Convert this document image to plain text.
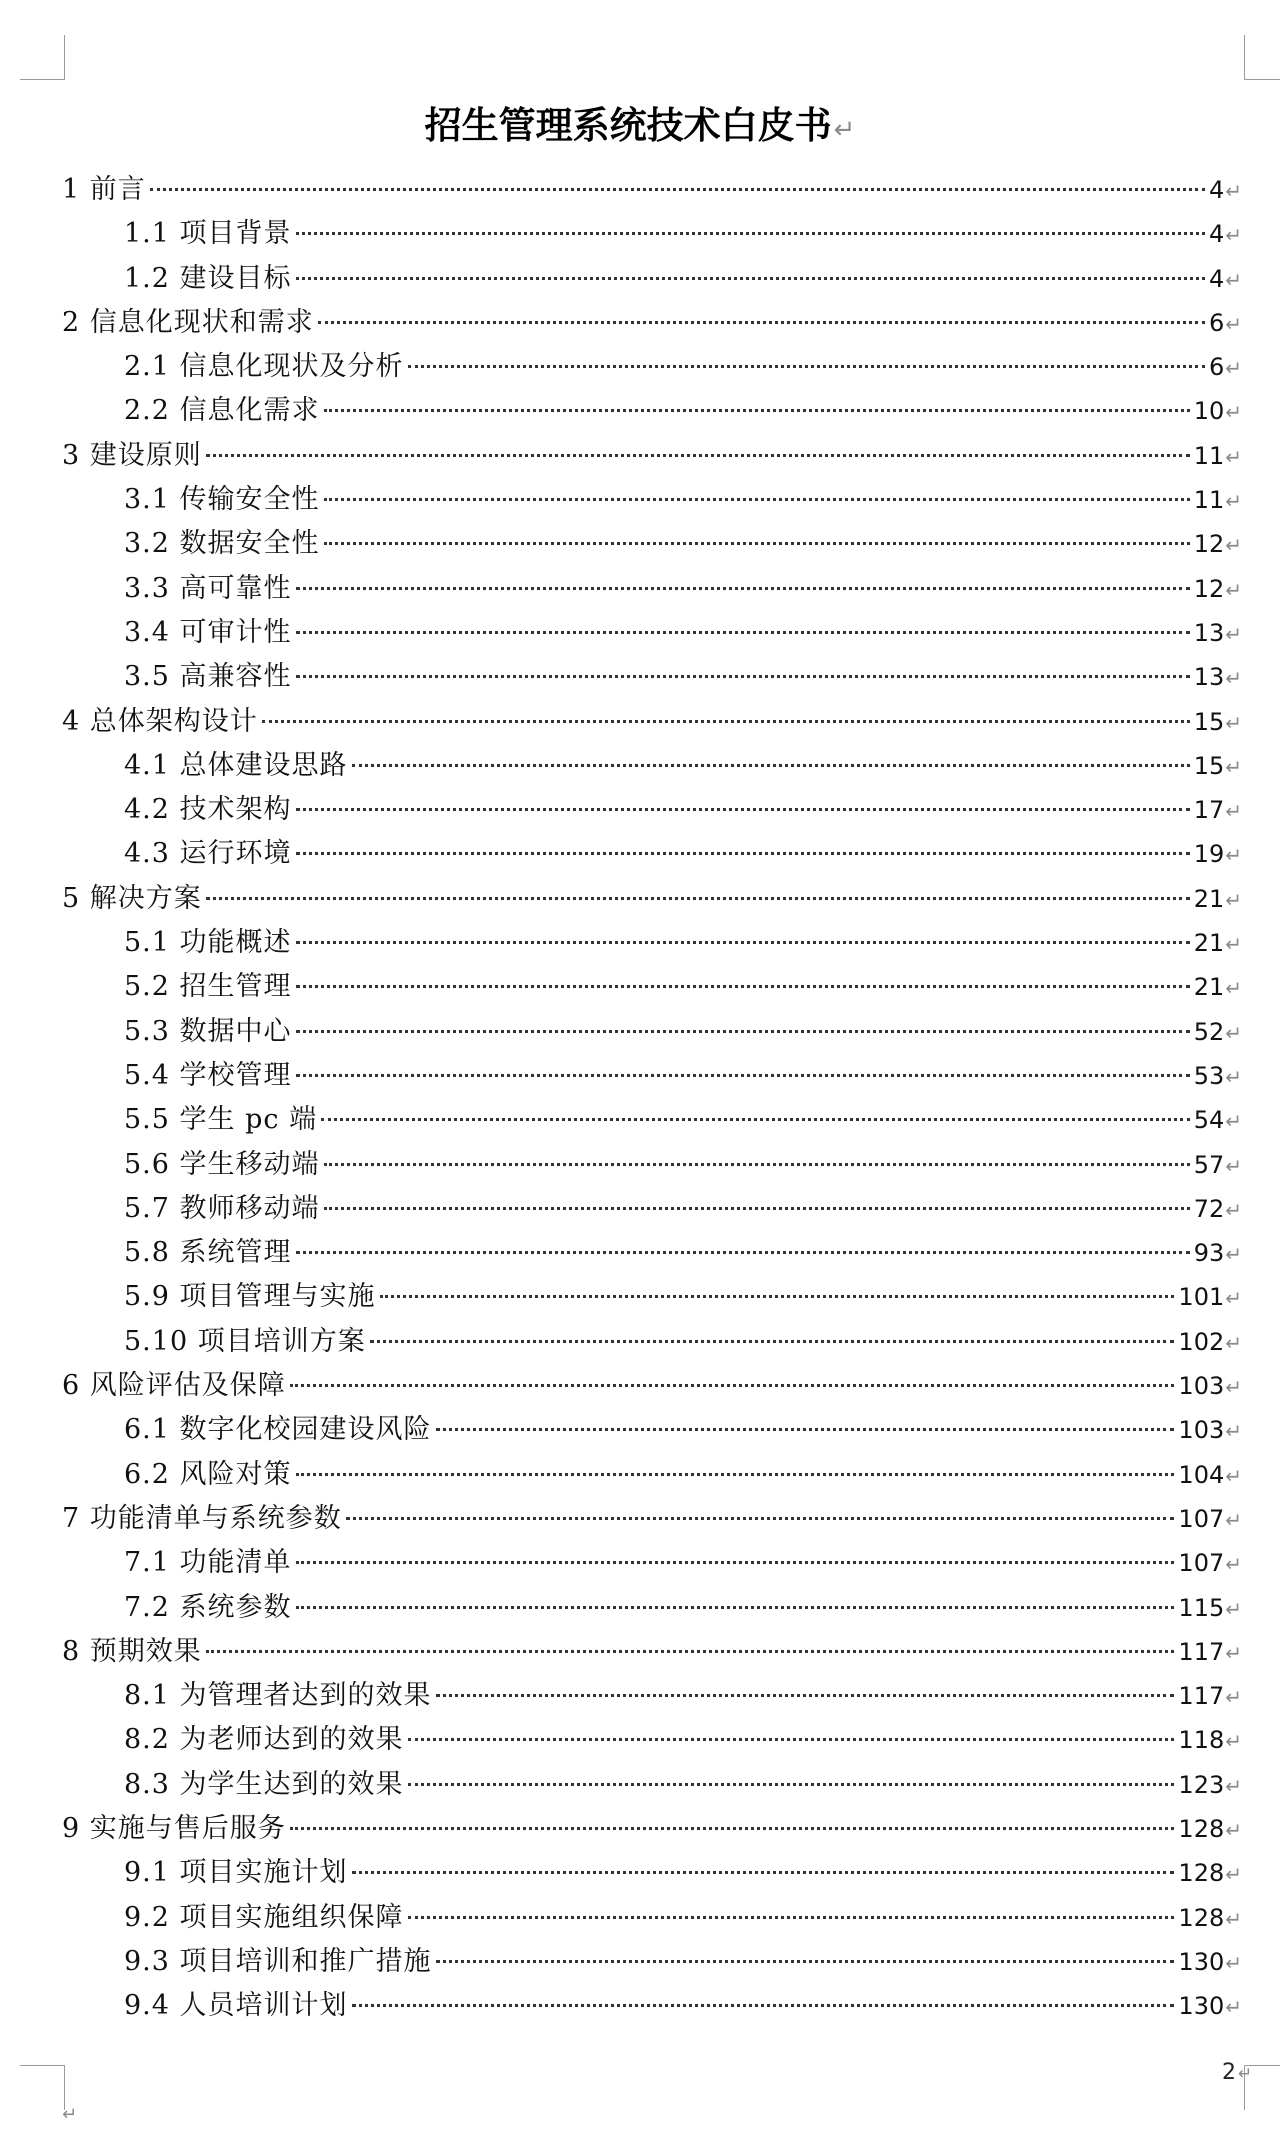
招生管理系统技术白皮书↵
1 前言	4↵
1.1 项目背景	4↵
1.2 建设目标	4↵
2 信息化现状和需求	6↵
2.1 信息化现状及分析	6↵
2.2 信息化需求	10↵
3 建设原则	11↵
3.1 传输安全性	11↵
3.2 数据安全性	12↵
3.3 高可靠性	12↵
3.4 可审计性	13↵
3.5 高兼容性	13↵
4 总体架构设计	15↵
4.1 总体建设思路	15↵
4.2 技术架构	17↵
4.3 运行环境	19↵
5 解决方案	21↵
5.1 功能概述	21↵
5.2 招生管理	21↵
5.3 数据中心	52↵
5.4 学校管理	53↵
5.5 学生 pc 端	54↵
5.6 学生移动端	57↵
5.7 教师移动端	72↵
5.8 系统管理	93↵
5.9 项目管理与实施	101↵
5.10 项目培训方案	102↵
6 风险评估及保障	103↵
6.1 数字化校园建设风险	103↵
6.2 风险对策	104↵
7 功能清单与系统参数	107↵
7.1 功能清单	107↵
7.2 系统参数	115↵
8 预期效果	117↵
8.1 为管理者达到的效果	117↵
8.2 为老师达到的效果	118↵
8.3 为学生达到的效果	123↵
9 实施与售后服务	128↵
9.1 项目实施计划	128↵
9.2 项目实施组织保障	128↵
9.3 项目培训和推广措施	130↵
9.4 人员培训计划	130↵
2 ↵
↵
